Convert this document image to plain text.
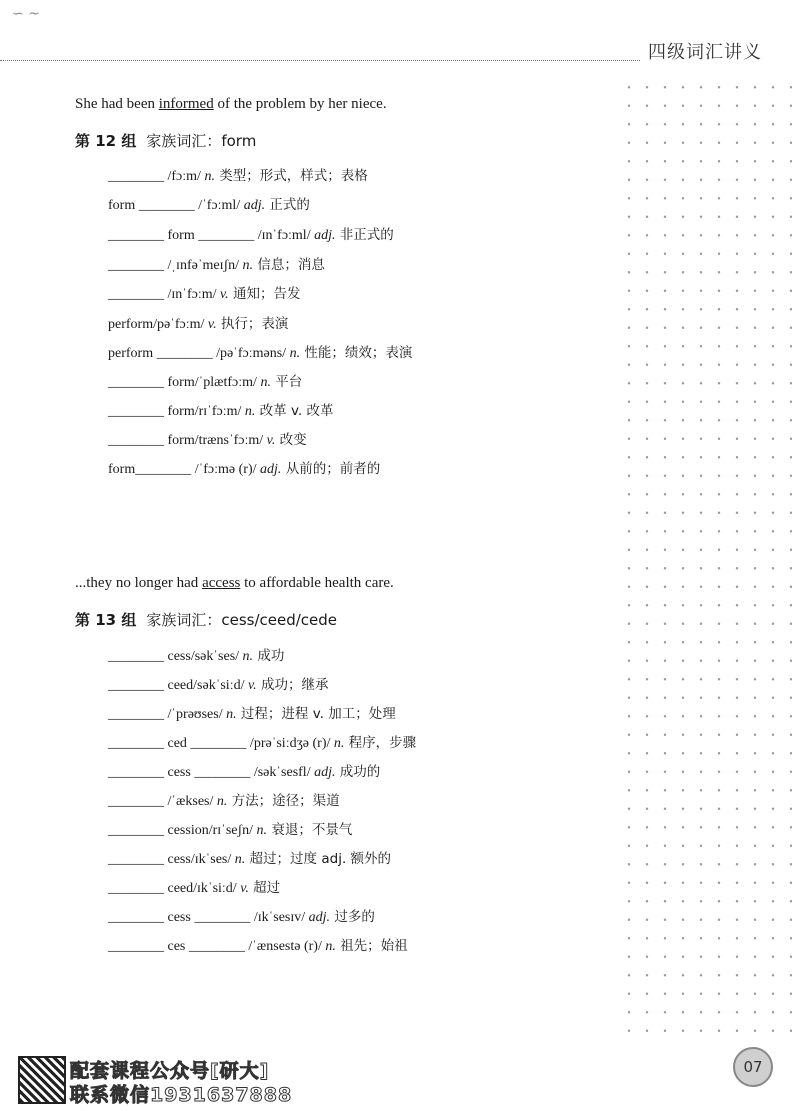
∽ ~
四级词汇讲义
She had been informed of the problem by her niece.
第 12 组 家族词汇：form
________ /fɔːm/ n. 类型；形式，样式；表格
form ________ /ˈfɔːml/ adj. 正式的
________ form ________ /ɪnˈfɔːml/ adj. 非正式的
________ /ˌɪnfəˈmeɪʃn/ n. 信息；消息
________ /ɪnˈfɔːm/ v. 通知；告发
perform/pəˈfɔːm/ v. 执行；表演
perform ________ /pəˈfɔːməns/ n. 性能；绩效；表演
________ form/ˈplætfɔːm/ n. 平台
________ form/rɪˈfɔːm/ n. 改革 v. 改革
________ form/trænsˈfɔːm/ v. 改变
form________ /ˈfɔːmə (r)/ adj. 从前的；前者的
...they no longer had access to affordable health care.
第 13 组 家族词汇：cess/ceed/cede
________ cess/səkˈses/ n. 成功
________ ceed/səkˈsiːd/ v. 成功；继承
________ /ˈprəʊses/ n. 过程；进程 v. 加工；处理
________ ced ________ /prəˈsiːdʒə (r)/ n. 程序，步骤
________ cess ________ /səkˈsesfl/ adj. 成功的
________ /ˈækses/ n. 方法；途径；渠道
________ cession/rɪˈseʃn/ n. 衰退；不景气
________ cess/ɪkˈses/ n. 超过；过度 adj. 额外的
________ ceed/ɪkˈsiːd/ v. 超过
________ cess ________ /ɪkˈsesɪv/ adj. 过多的
________ ces ________ /ˈænsestə (r)/ n. 祖先；始祖
配套课程公众号[研大]
联系微信1931637888
07
